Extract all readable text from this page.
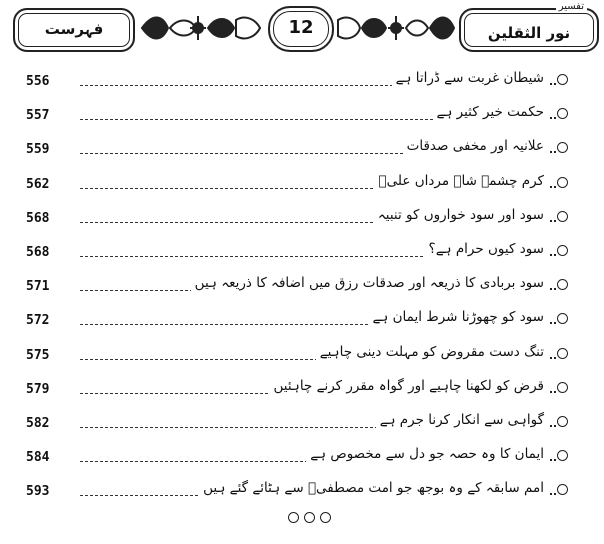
فہرست	12
تفسیر
نور الثقلین
556	شیطان غربت سے ڈراتا ہے
557	حکمت خیر کثیر ہے
559	علانیہ اور مخفی صدقات
562	کرم چشمہ شاہ مرداں علیؑ
568	سود اور سود خواروں کو تنبیہ
568	سود کیوں حرام ہے؟
571	سود بربادی کا ذریعہ اور صدقات رزق میں اضافہ کا ذریعہ ہیں
572	سود کو چھوڑنا شرط ایمان ہے
575	تنگ دست مقروض کو مہلت دینی چاہیے
579	قرض کو لکھنا چاہیے اور گواہ مقرر کرنے چاہئیں
582	گواہی سے انکار کرنا جرم ہے
584	ایمان کا وہ حصہ جو دل سے مخصوص ہے
593	امم سابقہ کے وہ بوجھ جو امت مصطفیؐ سے ہٹائے گئے ہیں
